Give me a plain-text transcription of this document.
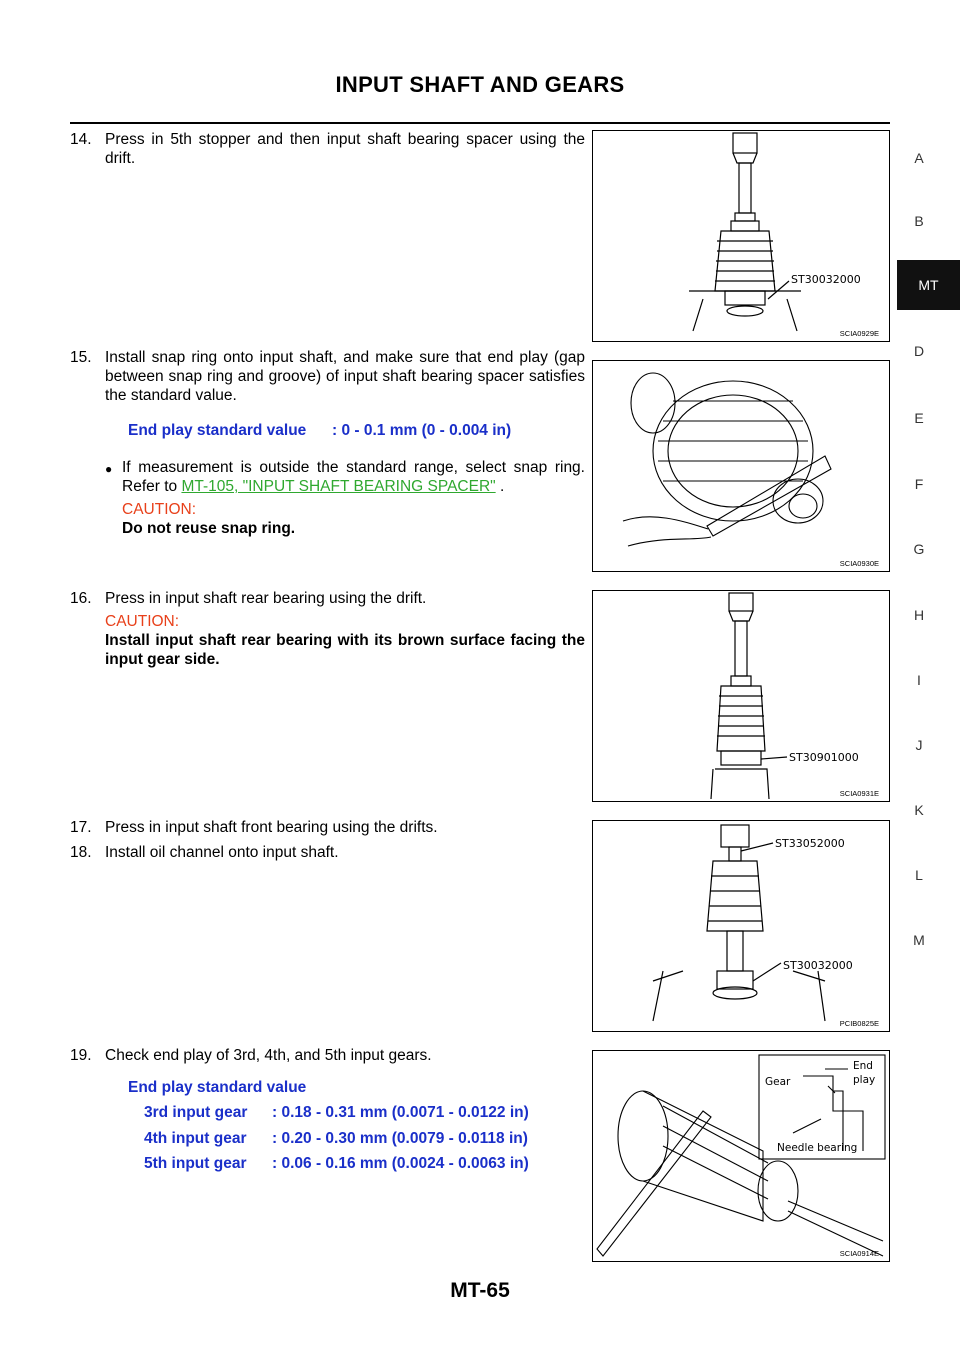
INPUT SHAFT AND GEARS
A
B
MT
D
E
F
G
H
I
J
K
L
M
14. Press in 5th stopper and then input shaft bearing spacer using the drift.
15. Install snap ring onto input shaft, and make sure that end play (gap between snap ring and groove) of input shaft bearing spacer satisfies the standard value.
End play standard value : 0 - 0.1 mm (0 - 0.004 in)
● If measurement is outside the standard range, select snap ring. Refer to MT-105, "INPUT SHAFT BEARING SPACER" .
CAUTION:
Do not reuse snap ring.
16. Press in input shaft rear bearing using the drift.
CAUTION:
Install input shaft rear bearing with its brown surface facing the input gear side.
17. Press in input shaft front bearing using the drifts.
18. Install oil channel onto input shaft.
19. Check end play of 3rd, 4th, and 5th input gears.
End play standard value
3rd input gear : 0.18 - 0.31 mm (0.0071 - 0.0122 in)
4th input gear : 0.20 - 0.30 mm (0.0079 - 0.0118 in)
5th input gear : 0.06 - 0.16 mm (0.0024 - 0.0063 in)
ST30032000
SCIA0929E
SCIA0930E
ST30901000
SCIA0931E
ST33052000
ST30032000
PCIB0825E
Gear
End
play
Needle bearing
SCIA0914E
MT-65
